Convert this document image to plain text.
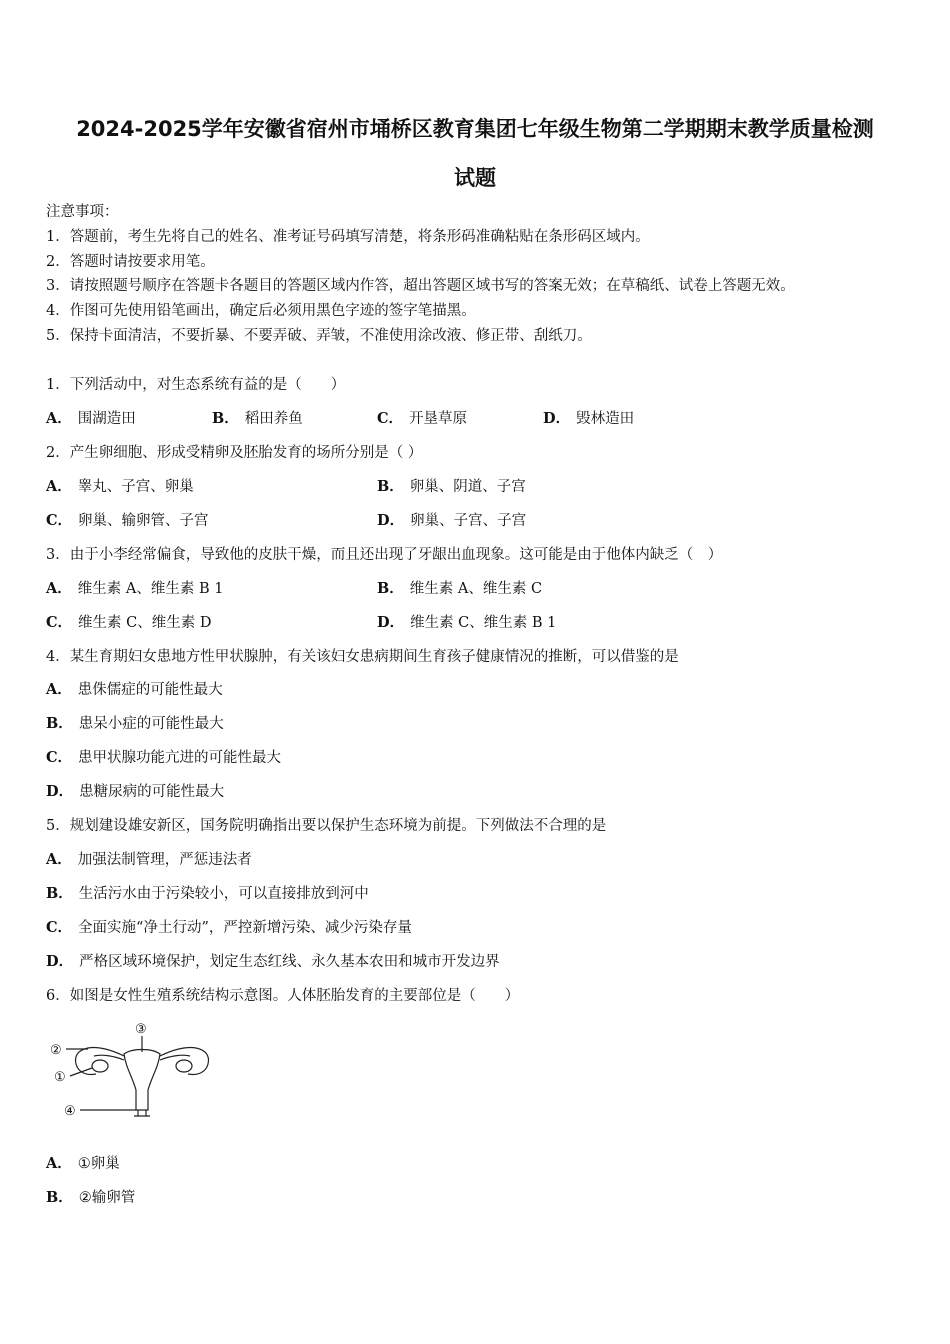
2024-2025学年安徽省宿州市埇桥区教育集团七年级生物第二学期期末教学质量检测
试题
注意事项：
1．答题前，考生先将自己的姓名、准考证号码填写清楚，将条形码准确粘贴在条形码区域内。
2．答题时请按要求用笔。
3．请按照题号顺序在答题卡各题目的答题区域内作答，超出答题区域书写的答案无效；在草稿纸、试卷上答题无效。
4．作图可先使用铅笔画出，确定后必须用黑色字迹的签字笔描黑。
5．保持卡面清洁，不要折暴、不要弄破、弄皱，不准使用涂改液、修正带、刮纸刀。
1．下列活动中，对生态系统有益的是（　　）
A． 围湖造田	B． 稻田养鱼	C． 开垦草原	D． 毁林造田
2．产生卵细胞、形成受精卵及胚胎发育的场所分别是（ ）
A． 睾丸、子宫、卵巢	B． 卵巢、阴道、子宫
C． 卵巢、输卵管、子宫	D． 卵巢、子宫、子宫
3．由于小李经常偏食，导致他的皮肤干燥，而且还出现了牙龈出血现象。这可能是由于他体内缺乏（　）
A． 维生素 A、维生素 B 1	B． 维生素 A、维生素 C
C． 维生素 C、维生素 D	D． 维生素 C、维生素 B 1
4．某生育期妇女患地方性甲状腺肿，有关该妇女患病期间生育孩子健康情况的推断，可以借鉴的是
A． 患侏儒症的可能性最大
B． 患呆小症的可能性最大
C． 患甲状腺功能亢进的可能性最大
D． 患糖尿病的可能性最大
5．规划建设雄安新区，国务院明确指出要以保护生态环境为前提。下列做法不合理的是
A． 加强法制管理，严惩违法者
B． 生活污水由于污染较小，可以直接排放到河中
C． 全面实施“净土行动”，严控新增污染、减少污染存量
D． 严格区域环境保护，划定生态红线、永久基本农田和城市开发边界
6．如图是女性生殖系统结构示意图。人体胚胎发育的主要部位是（　　）
②
①
③
④
A． ①卵巢
B． ②输卵管
